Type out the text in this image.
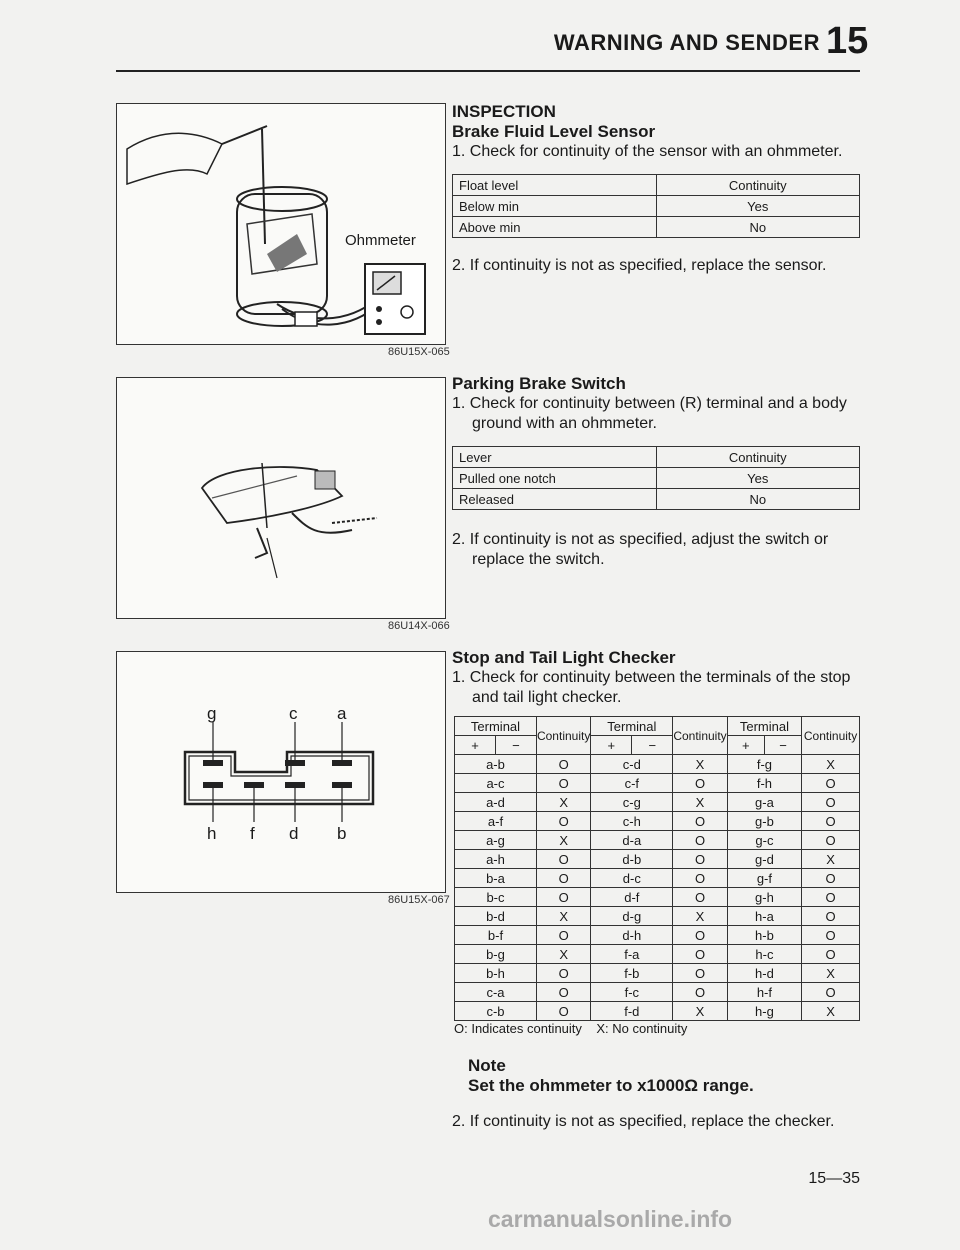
WARNING AND SENDER 15
Ohmmeter
86U15X-065
86U14X-066
g	c a
h f d b
86U15X-067
INSPECTION
Brake Fluid Level Sensor

1. Check for continuity of the sensor with an ohmmeter.

Float level	Continuity
Below min	Yes
Above min	No

2. If continuity is not as specified, replace the sensor.

Parking Brake Switch

1. Check for continuity between (R) terminal and a body ground with an ohmmeter.

Lever	Continuity
Pulled one notch	Yes
Released	No

2. If continuity is not as specified, adjust the switch or replace the switch.

Stop and Tail Light Checker

1. Check for continuity between the terminals of the stop and tail light checker.

Terminal		Continuity	Terminal		Continuity	Terminal		Continuity
+	−		+	−		+	−	
a-b		O	c-d		X	f-g		X
a-c		O	c-f		O	f-h		O
a-d		X	c-g		X	g-a		O
a-f		O	c-h		O	g-b		O
a-g		X	d-a		O	g-c		O
a-h		O	d-b		O	g-d		X
b-a		O	d-c		O	g-f		O
b-c		O	d-f		O	g-h		O
b-d		X	d-g		X	h-a		O
b-f		O	d-h		O	h-b		O
b-g		X	f-a		O	h-c		O
b-h		O	f-b		O	h-d		X
c-a		O	f-c		O	h-f		O
c-b		O	f-d		X	h-g		X
O: Indicates continuity    X: No continuity
Note
Set the ohmmeter to x1000Ω range.

2. If continuity is not as specified, replace the checker.

15—35
carmanualsonline.info
